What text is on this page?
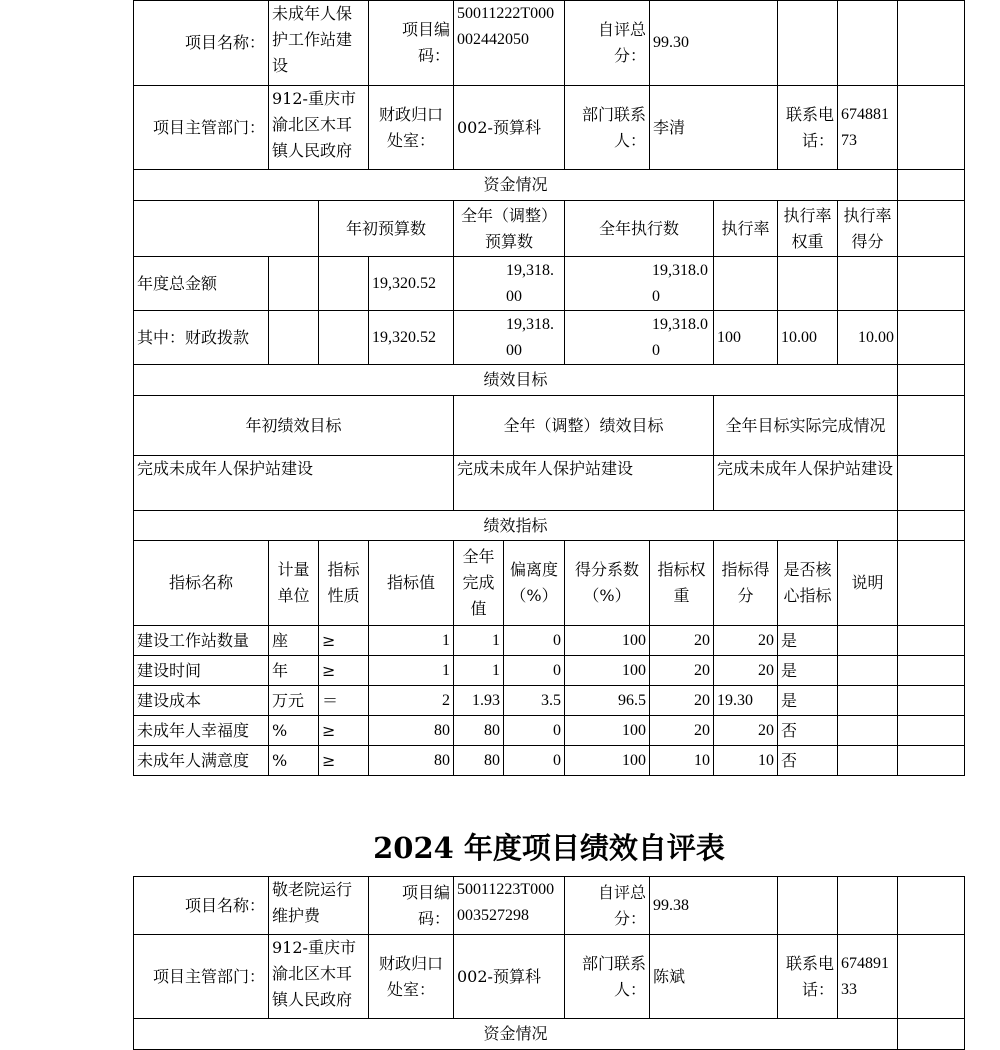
项目名称：	未成年人保护工作站建设		项目编码：	50011222T000002442050		自评总分：	99.30				
项目主管部门：	912-重庆市渝北区木耳镇人民政府		财政归口处室：	002-预算科		部门联系人：	李清		联系电话：	67488173	
资金情况											
		年初预算数		全年（调整）预算数		全年执行数		执行率	执行率权重	执行率得分	
年度总金额			19,320.52	19,318.00		19,318.00					
其中：财政拨款			19,320.52	19,318.00		19,318.00		100	10.00	10.00	
绩效目标											
年初绩效目标				全年（调整）绩效目标				全年目标实际完成情况			
完成未成年人保护站建设				完成未成年人保护站建设				完成未成年人保护站建设			
绩效指标											
指标名称	计量单位	指标性质	指标值	全年完成值	偏离度（%）	得分系数（%）	指标权重	指标得分	是否核心指标	说明	
建设工作站数量	座	≥	1	1	0	100	20	20	是		
建设时间	年	≥	1	1	0	100	20	20	是		
建设成本	万元	＝	2	1.93	3.5	96.5	20	19.30	是		
未成年人幸福度	%	≥	80	80	0	100	20	20	否		
未成年人满意度	%	≥	80	80	0	100	10	10	否		
2024 年度项目绩效自评表
项目名称：	敬老院运行维护费	项目编码：	50011223T000003527298	自评总分：	99.38			
项目主管部门：	912-重庆市渝北区木耳镇人民政府	财政归口处室：	002-预算科	部门联系人：	陈斌	联系电话：	67489133	
资金情况								
